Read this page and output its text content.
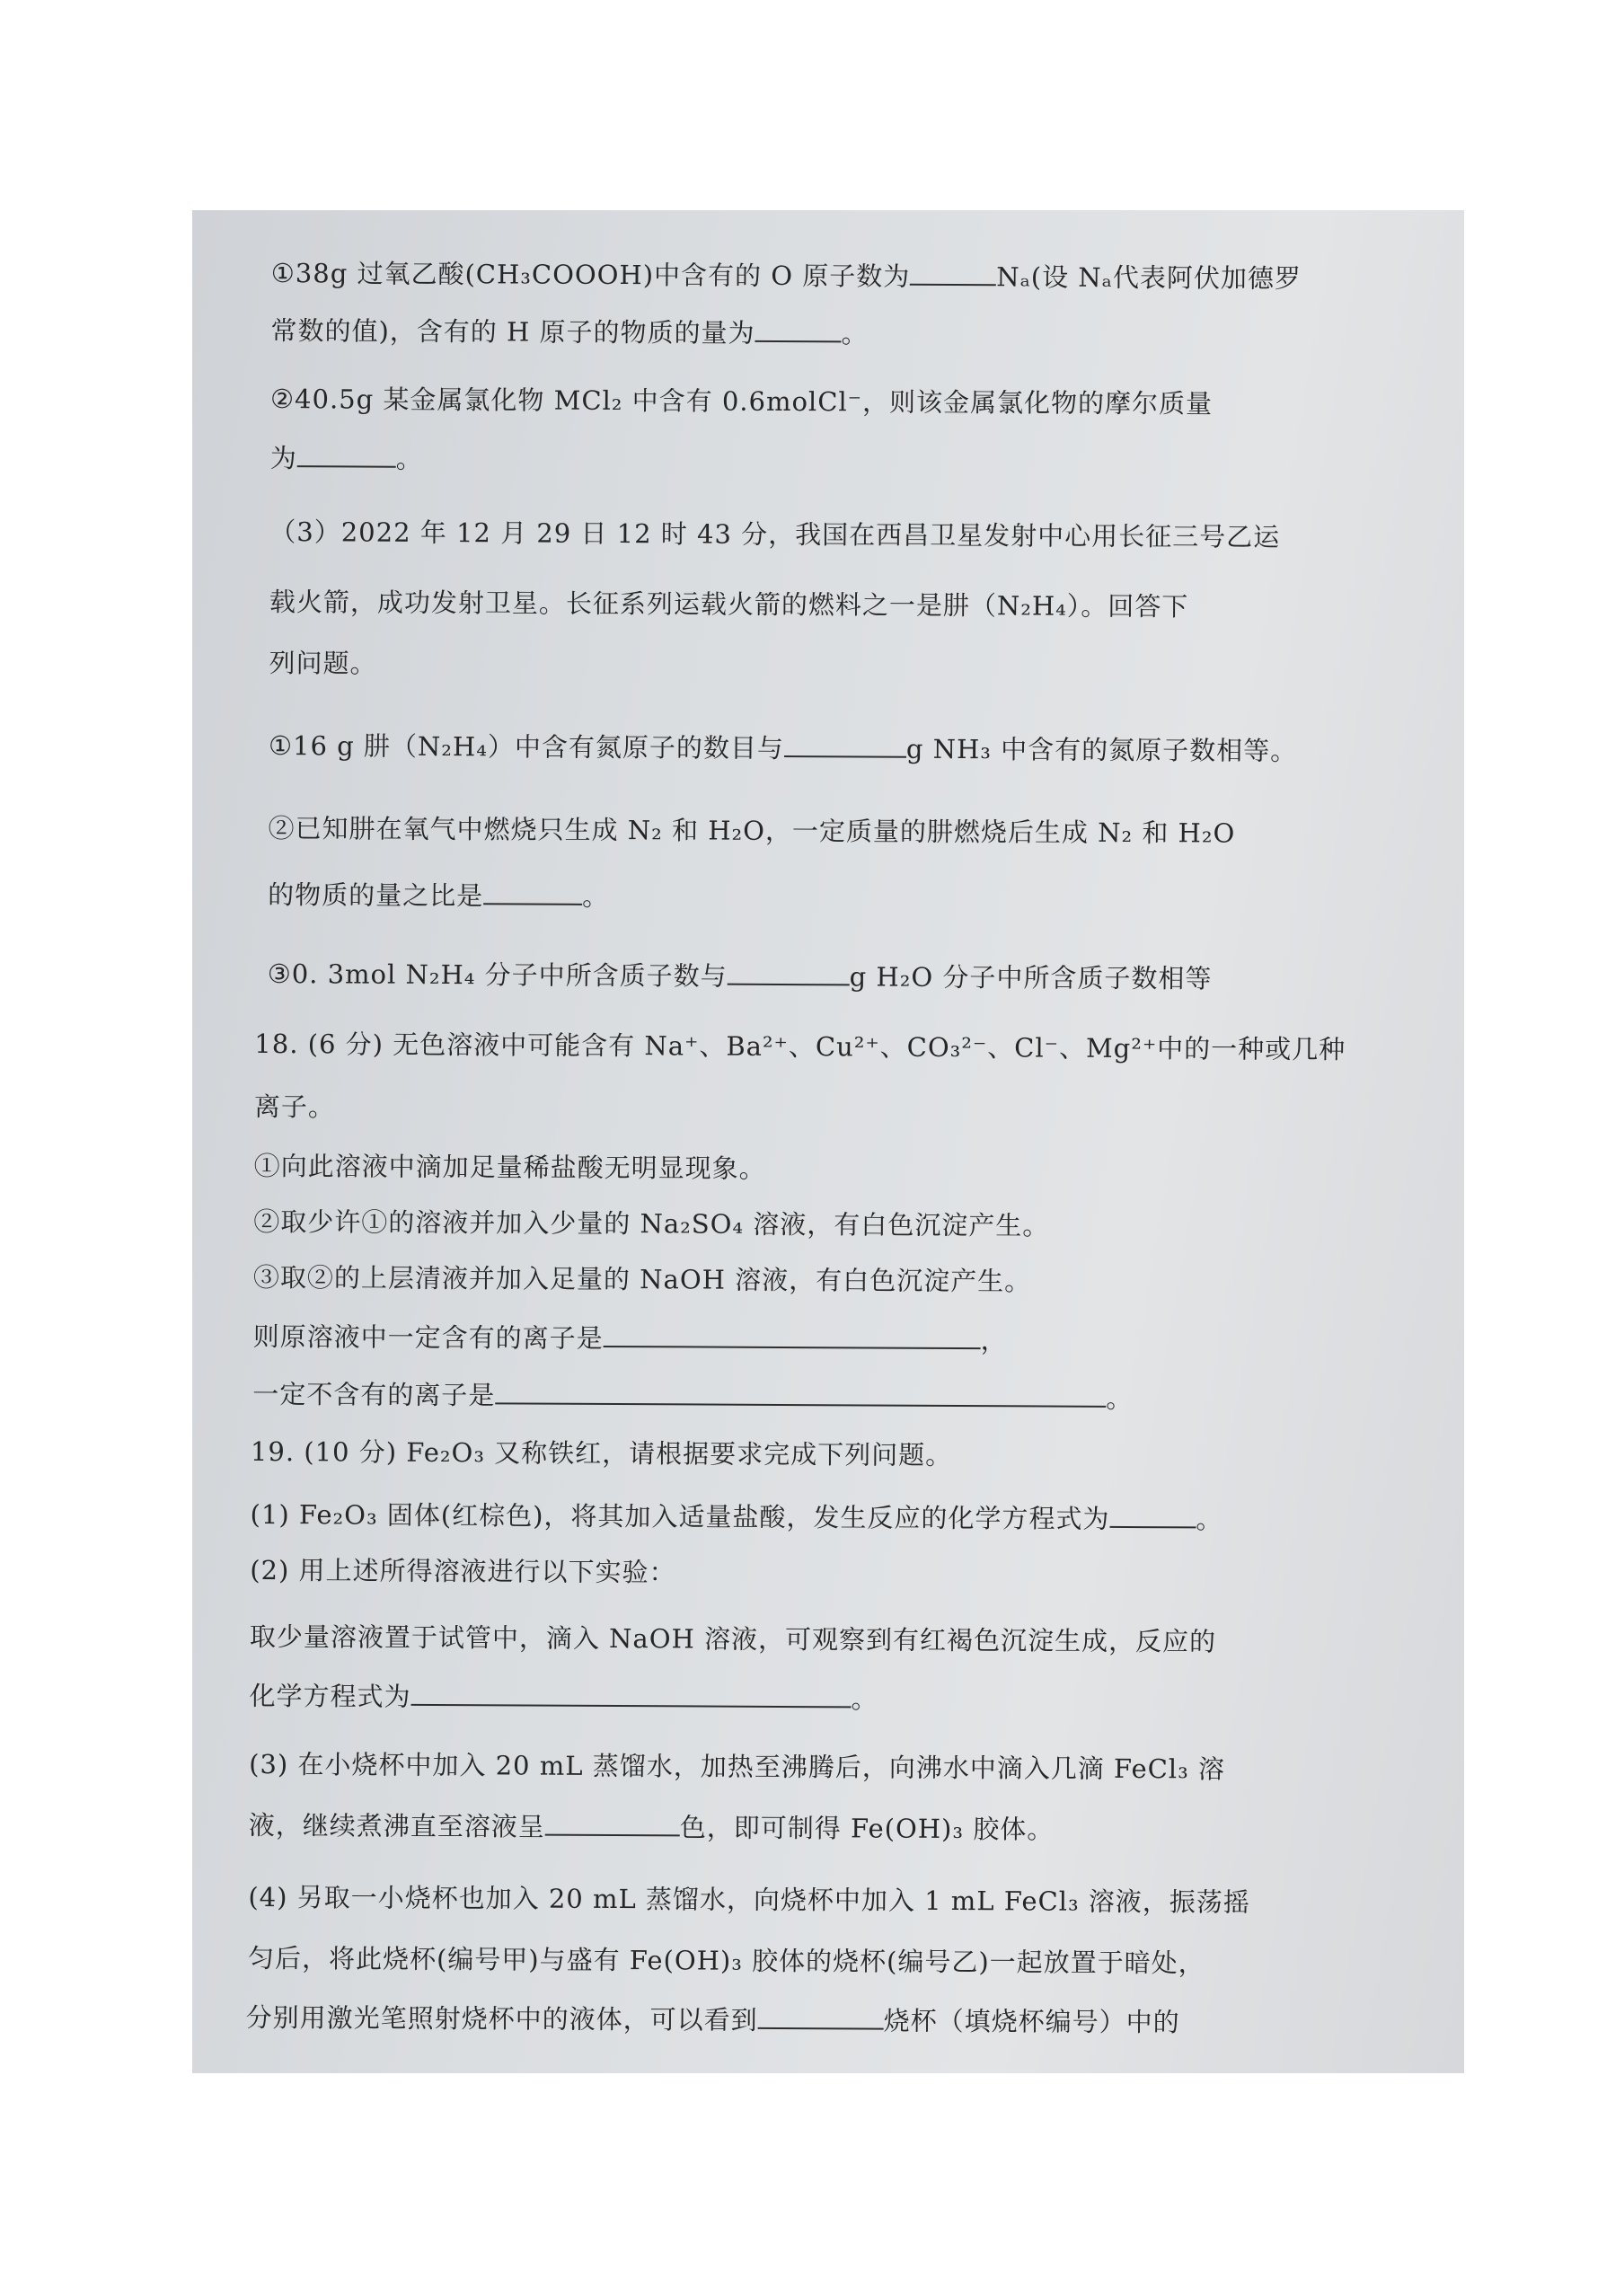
①38g 过氧乙酸(CH₃COOOH)中含有的 O 原子数为	Nₐ(设 Nₐ代表阿伏加德罗
常数的值)，含有的 H 原子的物质的量为	。
②40.5g 某金属氯化物 MCl₂ 中含有 0.6molCl⁻，则该金属氯化物的摩尔质量
为	。
（3）2022 年 12 月 29 日 12 时 43 分，我国在西昌卫星发射中心用长征三号乙运
载火箭，成功发射卫星。长征系列运载火箭的燃料之一是肼（N₂H₄）。回答下
列问题。
①16 g 肼（N₂H₄）中含有氮原子的数目与	g NH₃ 中含有的氮原子数相等。
②已知肼在氧气中燃烧只生成 N₂ 和 H₂O，一定质量的肼燃烧后生成 N₂ 和 H₂O
的物质的量之比是	。
③0. 3mol N₂H₄ 分子中所含质子数与	g H₂O 分子中所含质子数相等
18. (6 分) 无色溶液中可能含有 Na⁺、Ba²⁺、Cu²⁺、CO₃²⁻、Cl⁻、Mg²⁺中的一种或几种
离子。
①向此溶液中滴加足量稀盐酸无明显现象。
②取少许①的溶液并加入少量的 Na₂SO₄ 溶液，有白色沉淀产生。
③取②的上层清液并加入足量的 NaOH 溶液，有白色沉淀产生。
则原溶液中一定含有的离子是	，
一定不含有的离子是	。
19. (10 分) Fe₂O₃ 又称铁红，请根据要求完成下列问题。
(1) Fe₂O₃ 固体(红棕色)，将其加入适量盐酸，发生反应的化学方程式为	。
(2) 用上述所得溶液进行以下实验：
取少量溶液置于试管中，滴入 NaOH 溶液，可观察到有红褐色沉淀生成，反应的
化学方程式为	。
(3) 在小烧杯中加入 20 mL 蒸馏水，加热至沸腾后，向沸水中滴入几滴 FeCl₃ 溶
液，继续煮沸直至溶液呈	色，即可制得 Fe(OH)₃ 胶体。
(4) 另取一小烧杯也加入 20 mL 蒸馏水，向烧杯中加入 1 mL FeCl₃ 溶液，振荡摇
匀后，将此烧杯(编号甲)与盛有 Fe(OH)₃ 胶体的烧杯(编号乙)一起放置于暗处，
分别用激光笔照射烧杯中的液体，可以看到	烧杯（填烧杯编号）中的
